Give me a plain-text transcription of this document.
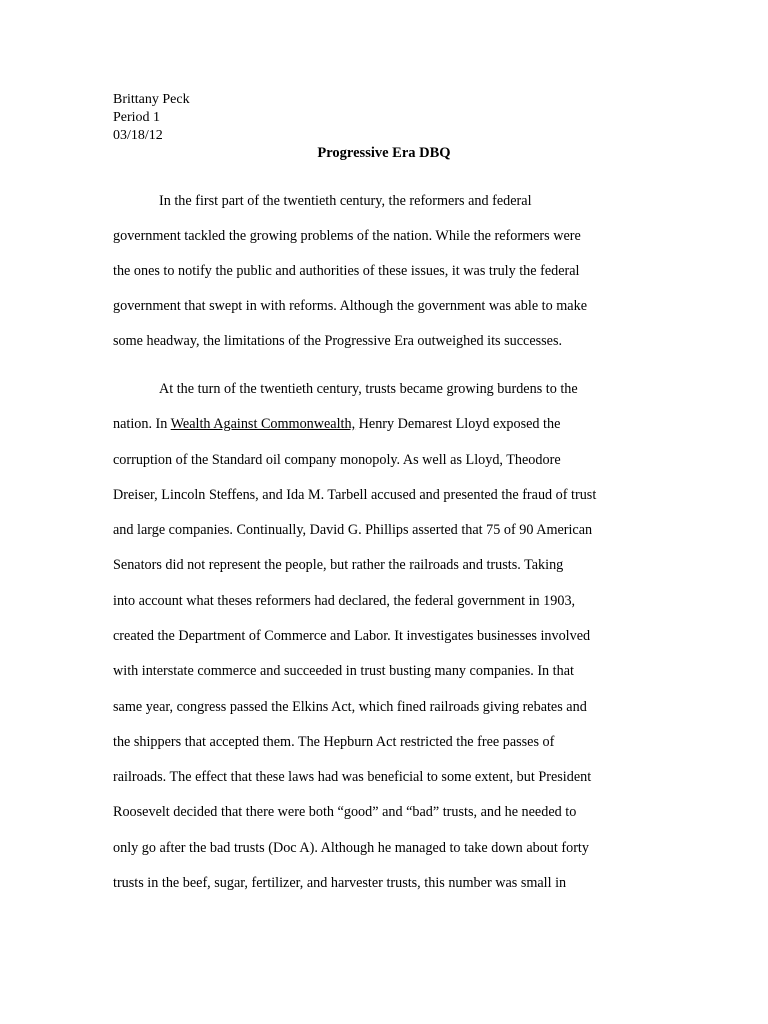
Brittany Peck
Period 1
03/18/12
Progressive Era DBQ
In the first part of the twentieth century, the reformers and federal
government tackled the growing problems of the nation. While the reformers were
the ones to notify the public and authorities of these issues, it was truly the federal
government that swept in with reforms. Although the government was able to make
some headway, the limitations of the Progressive Era outweighed its successes.
At the turn of the twentieth century, trusts became growing burdens to the
nation. In Wealth Against Commonwealth, Henry Demarest Lloyd exposed the
corruption of the Standard oil company monopoly. As well as Lloyd, Theodore
Dreiser, Lincoln Steffens, and Ida M. Tarbell accused and presented the fraud of trust
and large companies. Continually, David G. Phillips asserted that 75 of 90 American
Senators did not represent the people, but rather the railroads and trusts. Taking
into account what theses reformers had declared, the federal government in 1903,
created the Department of Commerce and Labor. It investigates businesses involved
with interstate commerce and succeeded in trust busting many companies. In that
same year, congress passed the Elkins Act, which fined railroads giving rebates and
the shippers that accepted them. The Hepburn Act restricted the free passes of
railroads. The effect that these laws had was beneficial to some extent, but President
Roosevelt decided that there were both “good” and “bad” trusts, and he needed to
only go after the bad trusts (Doc A). Although he managed to take down about forty
trusts in the beef, sugar, fertilizer, and harvester trusts, this number was small in
